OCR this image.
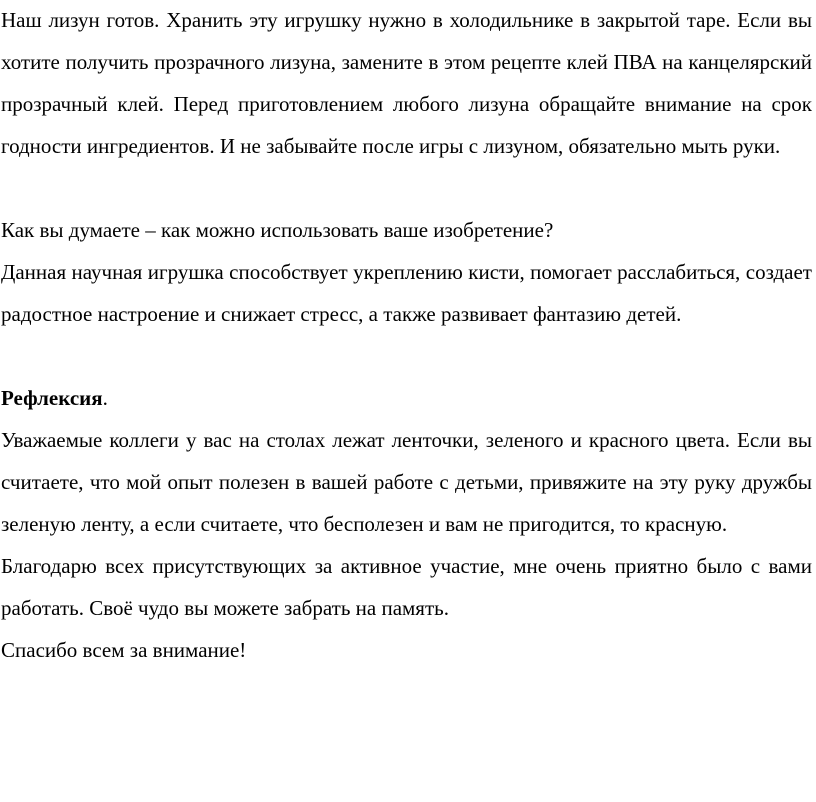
Наш лизун готов. Хранить эту игрушку нужно в холодильнике в закрытой таре. Если вы хотите получить прозрачного лизуна, замените в этом рецепте клей ПВА на канцелярский прозрачный клей. Перед приготовлением любого лизуна обращайте внимание на срок годности ингредиентов. И не забывайте после игры с лизуном, обязательно мыть руки.

Как вы думаете – как можно использовать ваше изобретение?

Данная научная игрушка способствует укреплению кисти, помогает расслабиться, создает радостное настроение и снижает стресс, а также развивает фантазию детей.

Рефлексия.

Уважаемые коллеги у вас на столах лежат ленточки, зеленого и красного цвета. Если вы считаете, что мой опыт полезен в вашей работе с детьми, привяжите на эту руку дружбы зеленую ленту, а если считаете, что бесполезен и вам не пригодится, то красную.

Благодарю всех присутствующих за активное участие, мне очень приятно было с вами работать. Своё чудо вы можете забрать на память.

Спасибо всем за внимание!
